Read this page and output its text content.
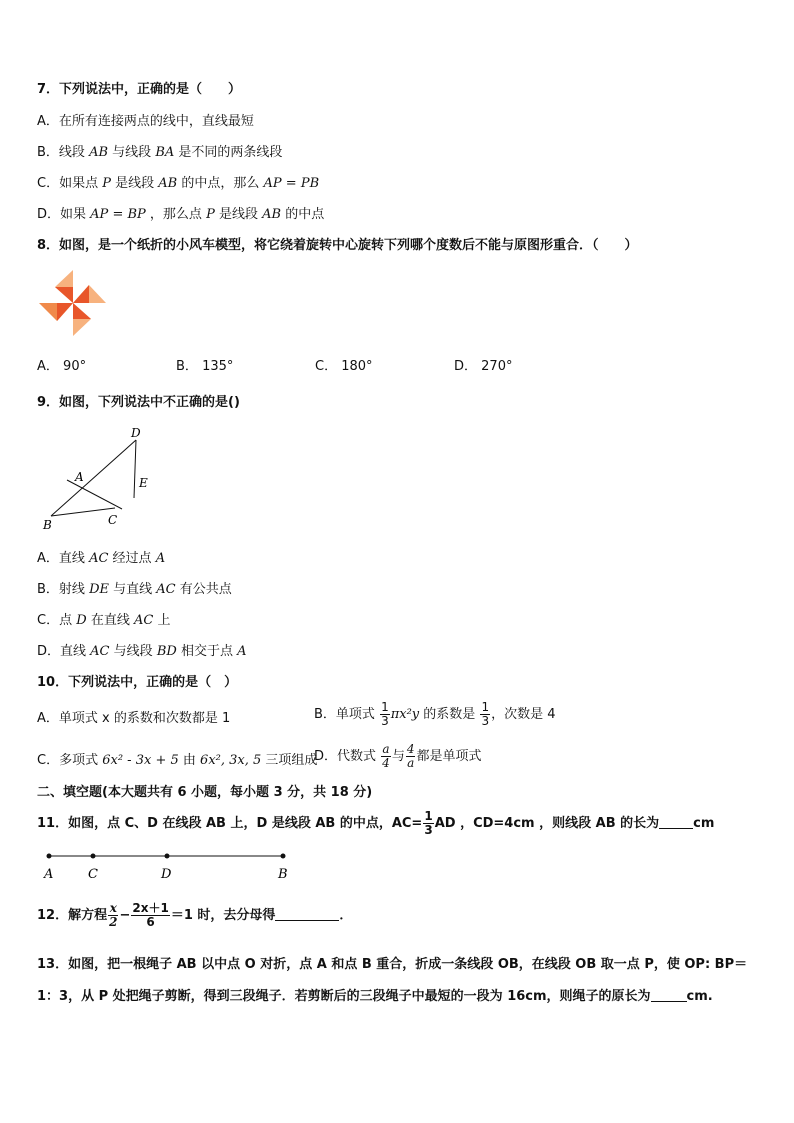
7．下列说法中，正确的是（　　）
A．在所有连接两点的线中，直线最短
B．线段 AB 与线段 BA 是不同的两条线段
C．如果点 P 是线段 AB 的中点，那么 AP = PB
D．如果 AP = BP ，那么点 P 是线段 AB 的中点
8．如图，是一个纸折的小风车模型，将它绕着旋转中心旋转下列哪个度数后不能与原图形重合．（　　）
A． 90°	B． 135°	C． 180°	D． 270°
9．如图，下列说法中不正确的是()
D
E
A
B	C
A．直线 AC 经过点 A
B．射线 DE 与直线 AC 有公共点
C．点 D 在直线 AC 上
D．直线 AC 与线段 BD 相交于点 A
10．下列说法中，正确的是（　）
A．单项式 x 的系数和次数都是 1	B．单项式 $\frac{1}{3} \pi x^2y$ 的系数是 $\frac{1}{3}$ ，次数是 4
C．多项式 6x² - 3x + 5 由 6x², 3x, 5 三项组成
D．代数式 $\frac{a}{4}$ 与 $\frac{4}{a}$ 都是单项式
二、填空题(本大题共有 6 小题，每小题 3 分，共 18 分)
11．如图，点 C、D 在线段 AB 上，D 是线段 AB 的中点，$AC= \frac{1}{3}$ AD ，CD=4cm ，则线段 AB 的长为	cm
A	C	D	B
12．解方程 $\frac{x}{2} - \frac{2x+1}{6} =1$ 时，去分母得	．
13．如图，把一根绳子 AB 以中点 O 对折，点 A 和点 B 重合，折成一条线段 OB，在线段 OB 取一点 P，使 OP: BP＝
1：3，从 P 处把绳子剪断，得到三段绳子．若剪断后的三段绳子中最短的一段为 16cm，则绳子的原长为	cm.
